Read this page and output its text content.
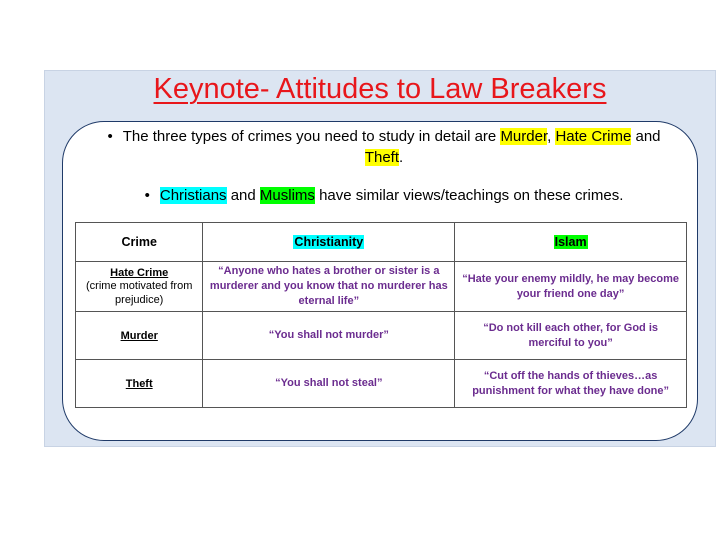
Keynote- Attitudes to Law Breakers
• The three types of crimes you need to study in detail are Murder, Hate Crime and Theft.
• Christians and Muslims have similar views/teachings on these crimes.
Crime	Christianity	Islam

Hate Crime
(crime motivated from prejudice)	“Anyone who hates a brother or sister is a murderer and you know that no murderer has eternal life”	“Hate your enemy mildly, he may become your friend one day”

Murder	“You shall not murder”	“Do not kill each other, for God is merciful to you”

Theft	“You shall not steal”	“Cut off the hands of thieves…as punishment for what they have done”
